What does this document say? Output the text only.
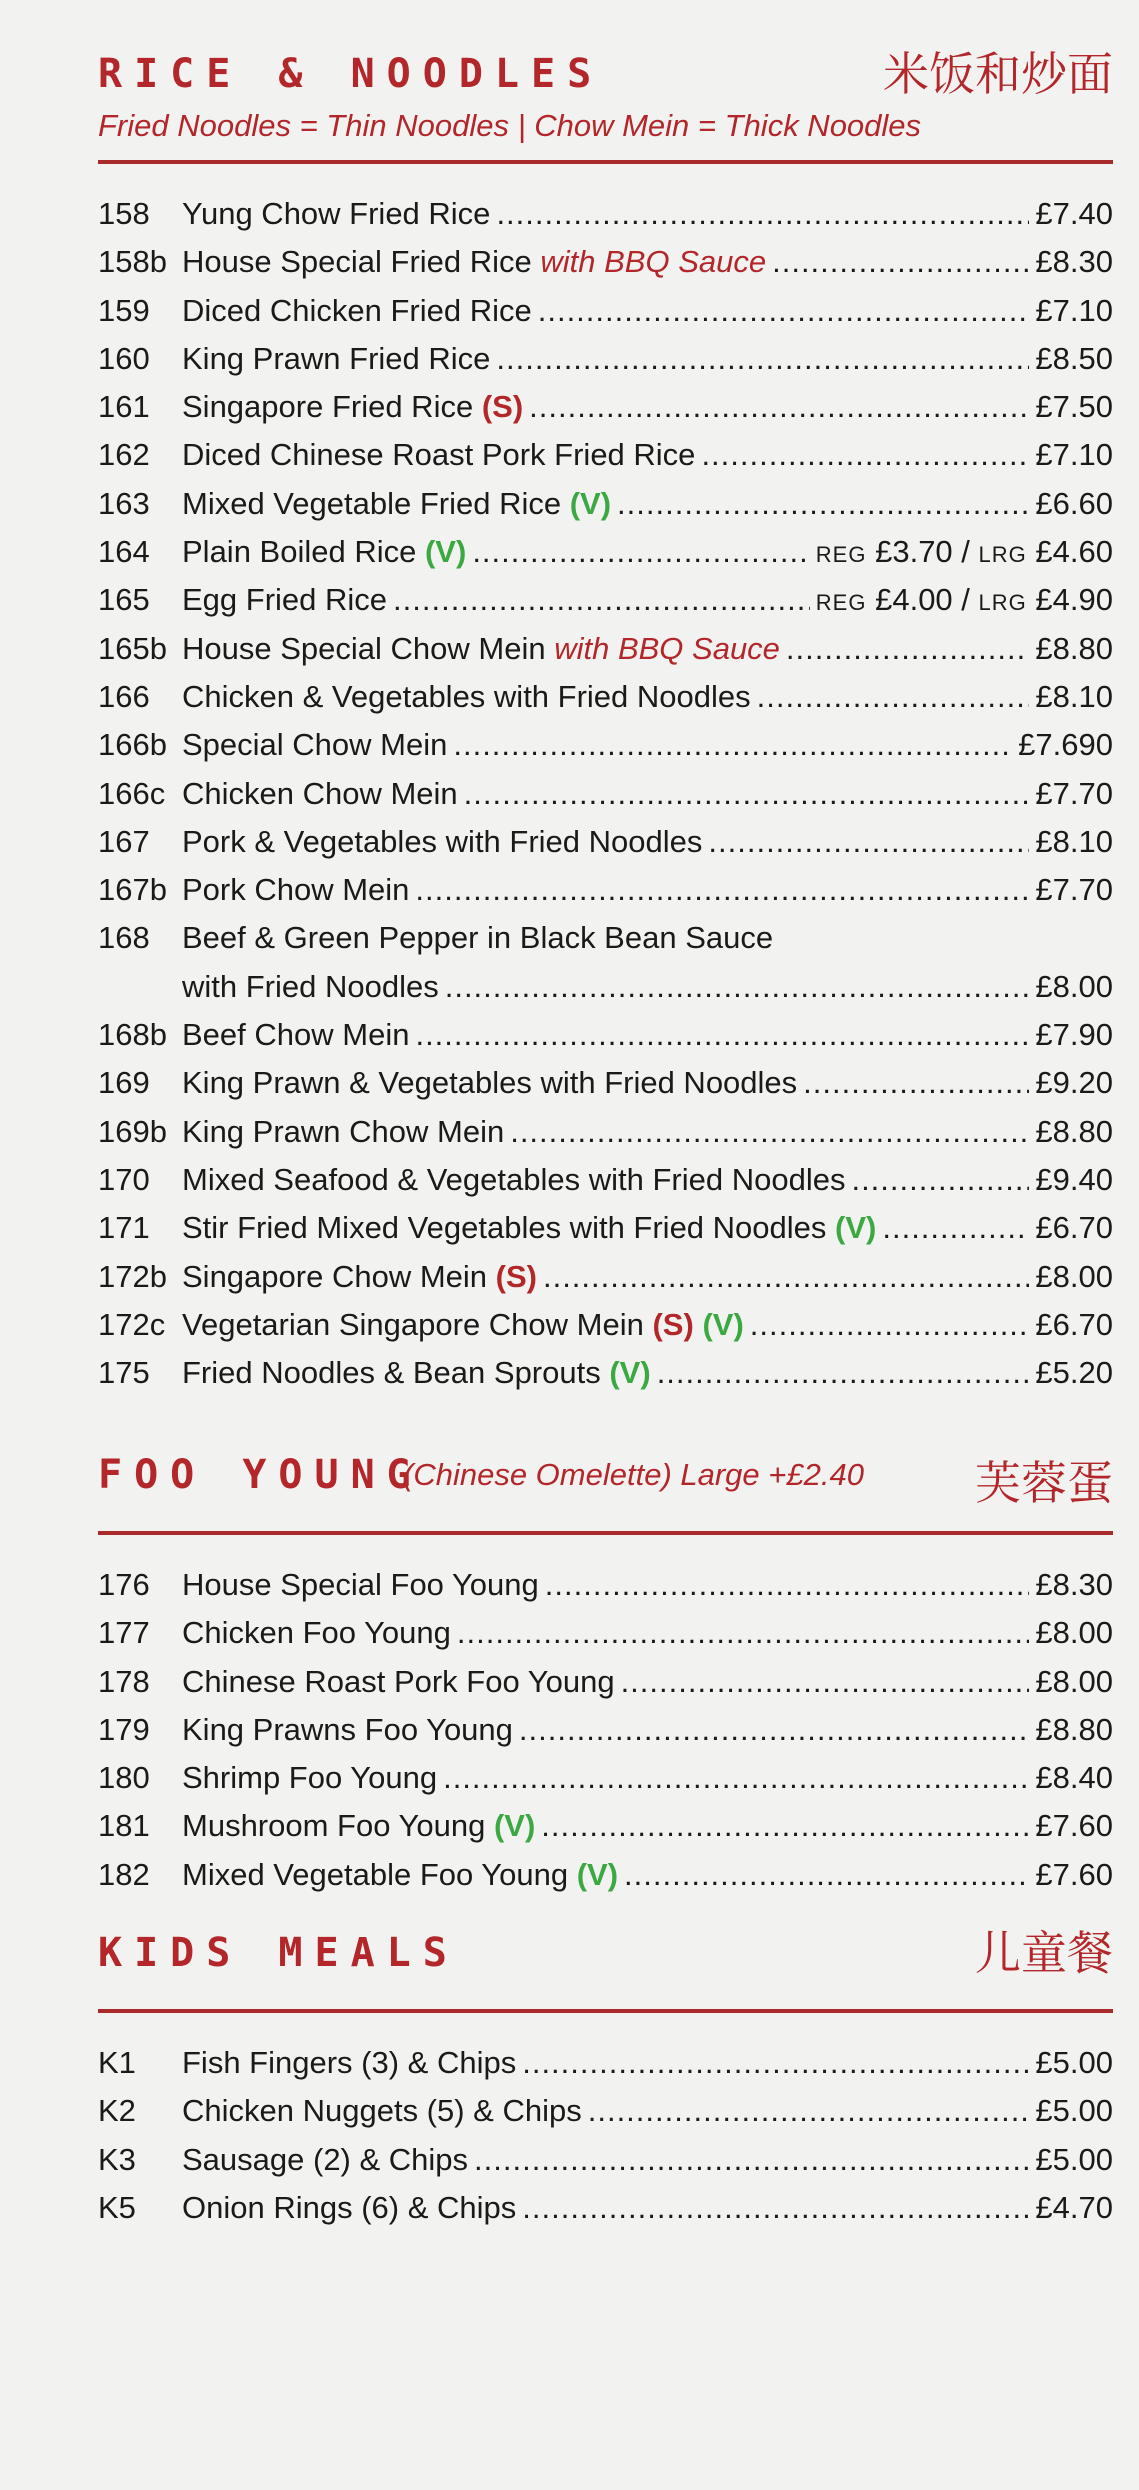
RICE & NOODLES	米饭和炒面
Fried Noodles = Thin Noodles | Chow Mein = Thick Noodles
158	Yung Chow Fried Rice .....	£7.40
158b House Special Fried Rice with BBQ Sauce .....	£8.30
159	Diced Chicken Fried Rice .....	£7.10
160	King Prawn Fried Rice .....	£8.50
161	Singapore Fried Rice (S) .....	£7.50
162	Diced Chinese Roast Pork Fried Rice .....	£7.10
163	Mixed Vegetable Fried Rice (V) .....	£6.60
164	Plain Boiled Rice (V) .....	REG £3.70 / LRG £4.60
165	Egg Fried Rice .....	REG £4.00 / LRG £4.90
165b House Special Chow Mein with BBQ Sauce .....	£8.80
166	Chicken & Vegetables with Fried Noodles .....	£8.10
166b Special Chow Mein .....	£7.690
166c Chicken Chow Mein .....	£7.70
167	Pork & Vegetables with Fried Noodles .....	£8.10
167b Pork Chow Mein .....	£7.70
168	Beef & Green Pepper in Black Bean Sauce
with Fried Noodles .....	£8.00
168b Beef Chow Mein .....	£7.90
169	King Prawn & Vegetables with Fried Noodles .....	£9.20
169b King Prawn Chow Mein .....	£8.80
170	Mixed Seafood & Vegetables with Fried Noodles .....	£9.40
171	Stir Fried Mixed Vegetables with Fried Noodles (V) .....	£6.70
172b Singapore Chow Mein (S) .....	£8.00
172c Vegetarian Singapore Chow Mein (S) (V) .....	£6.70
175	Fried Noodles & Bean Sprouts (V) .....	£5.20
FOO YOUNG
(Chinese Omelette) Large +£2.40 芙蓉蛋
176	House Special Foo Young .....	£8.30
177	Chicken Foo Young .....	£8.00
178	Chinese Roast Pork Foo Young .....	£8.00
179	King Prawns Foo Young .....	£8.80
180	Shrimp Foo Young .....	£8.40
181	Mushroom Foo Young (V) .....	£7.60
182	Mixed Vegetable Foo Young (V) .....	£7.60
KIDS MEALS	儿童餐
K1	Fish Fingers (3) & Chips .....	£5.00
K2	Chicken Nuggets (5) & Chips .....	£5.00
K3	Sausage (2) & Chips .....	£5.00
K5	Onion Rings (6) & Chips .....	£4.70
